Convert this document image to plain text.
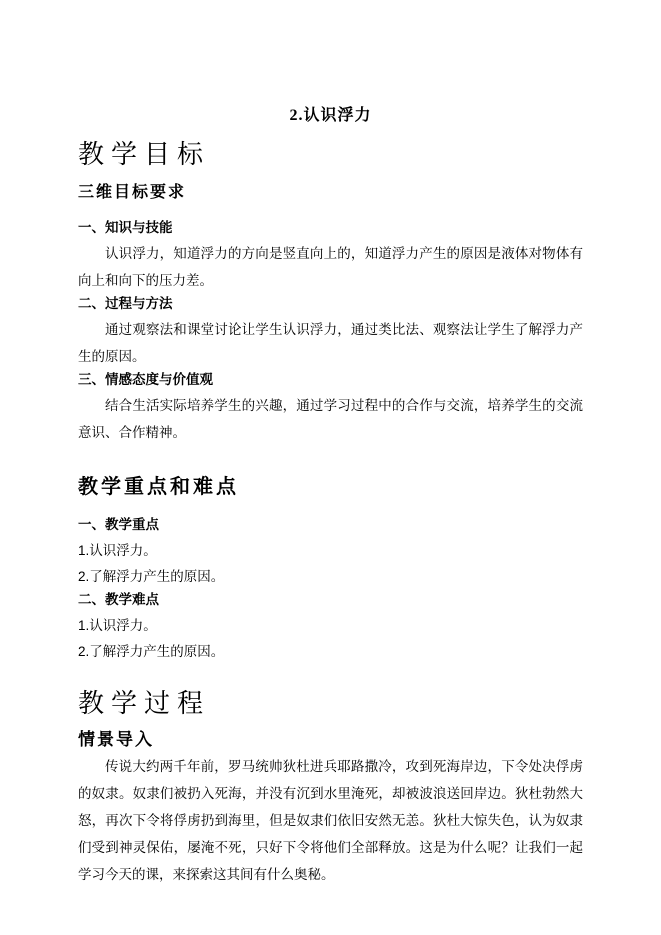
2.认识浮力

教学目标

三维目标要求

一、知识与技能

认识浮力，知道浮力的方向是竖直向上的，知道浮力产生的原因是液体对物体有向上和向下的压力差。

二、过程与方法

通过观察法和课堂讨论让学生认识浮力，通过类比法、观察法让学生了解浮力产生的原因。

三、情感态度与价值观

结合生活实际培养学生的兴趣，通过学习过程中的合作与交流，培养学生的交流意识、合作精神。

教学重点和难点

一、教学重点

1.认识浮力。

2.了解浮力产生的原因。

二、教学难点

1.认识浮力。

2.了解浮力产生的原因。

教学过程

情景导入

传说大约两千年前，罗马统帅狄杜进兵耶路撒冷，攻到死海岸边，下令处决俘虏的奴隶。奴隶们被扔入死海，并没有沉到水里淹死，却被波浪送回岸边。狄杜勃然大怒，再次下令将俘虏扔到海里，但是奴隶们依旧安然无恙。狄杜大惊失色，认为奴隶们受到神灵保佑，屡淹不死，只好下令将他们全部释放。这是为什么呢？让我们一起学习今天的课，来探索这其间有什么奥秘。
